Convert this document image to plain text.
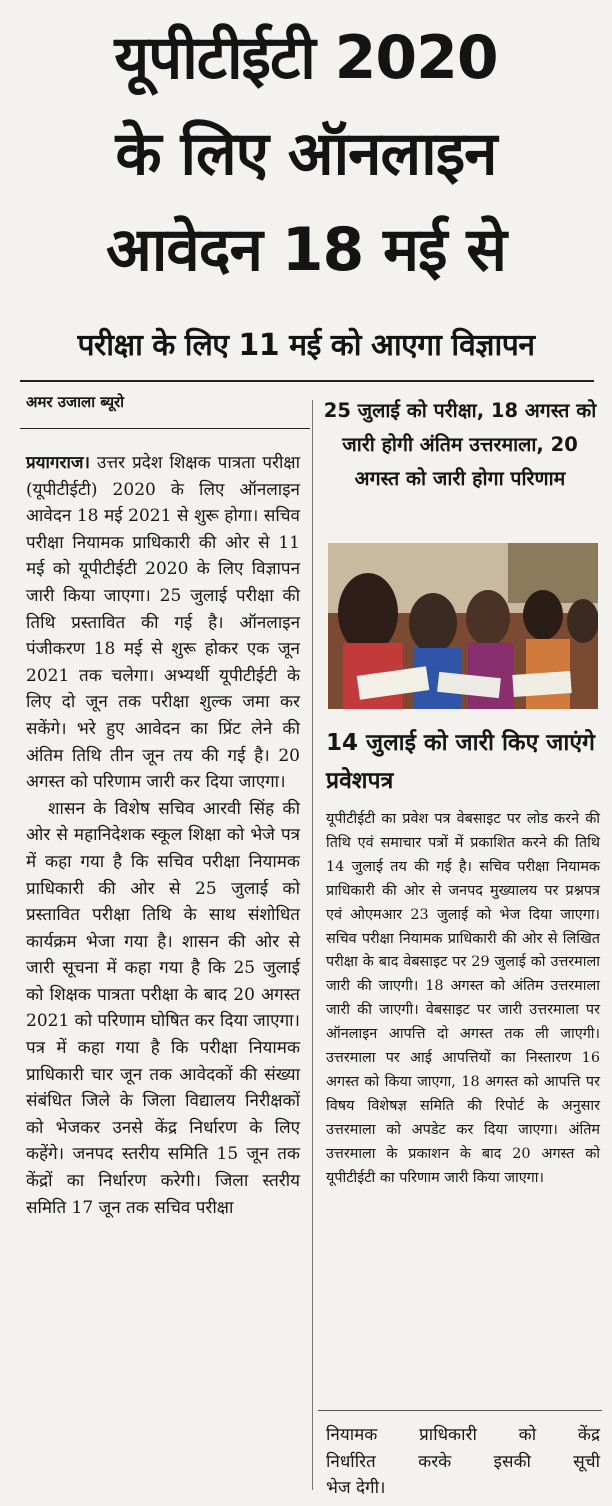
यूपीटीईटी 2020
के लिए ऑनलाइन
आवेदन 18 मई से
परीक्षा के लिए 11 मई को आएगा विज्ञापन
अमर उजाला ब्यूरो

प्रयागराज। उत्तर प्रदेश शिक्षक पात्रता परीक्षा (यूपीटीईटी) 2020 के लिए ऑनलाइन आवेदन 18 मई 2021 से शुरू होगा। सचिव परीक्षा नियामक प्राधिकारी की ओर से 11 मई को यूपीटीईटी 2020 के लिए विज्ञापन जारी किया जाएगा। 25 जुलाई परीक्षा की तिथि प्रस्तावित की गई है। ऑनलाइन पंजीकरण 18 मई से शुरू होकर एक जून 2021 तक चलेगा। अभ्यर्थी यूपीटीईटी के लिए दो जून तक परीक्षा शुल्क जमा कर सकेंगे। भरे हुए आवेदन का प्रिंट लेने की अंतिम तिथि तीन जून तय की गई है। 20 अगस्त को परिणाम जारी कर दिया जाएगा।

शासन के विशेष सचिव आरवी सिंह की ओर से महानिदेशक स्कूल शिक्षा को भेजे पत्र में कहा गया है कि सचिव परीक्षा नियामक प्राधिकारी की ओर से 25 जुलाई को प्रस्तावित परीक्षा तिथि के साथ संशोधित कार्यक्रम भेजा गया है। शासन की ओर से जारी सूचना में कहा गया है कि 25 जुलाई को शिक्षक पात्रता परीक्षा के बाद 20 अगस्त 2021 को परिणाम घोषित कर दिया जाएगा। पत्र में कहा गया है कि परीक्षा नियामक प्राधिकारी चार जून तक आवेदकों की संख्या संबंधित जिले के जिला विद्यालय निरीक्षकों को भेजकर उनसे केंद्र निर्धारण के लिए कहेंगे। जनपद स्तरीय समिति 15 जून तक केंद्रों का निर्धारण करेगी। जिला स्तरीय समिति 17 जून तक सचिव परीक्षा

25 जुलाई को परीक्षा, 18 अगस्त को जारी होगी अंतिम उत्तरमाला, 20 अगस्त को जारी होगा परिणाम
14 जुलाई को जारी किए जाएंगे प्रवेशपत्र

यूपीटीईटी का प्रवेश पत्र वेबसाइट पर लोड करने की तिथि एवं समाचार पत्रों में प्रकाशित करने की तिथि 14 जुलाई तय की गई है। सचिव परीक्षा नियामक प्राधिकारी की ओर से जनपद मुख्यालय पर प्रश्नपत्र एवं ओएमआर 23 जुलाई को भेज दिया जाएगा। सचिव परीक्षा नियामक प्राधिकारी की ओर से लिखित परीक्षा के बाद वेबसाइट पर 29 जुलाई को उत्तरमाला जारी की जाएगी। 18 अगस्त को अंतिम उत्तरमाला जारी की जाएगी। वेबसाइट पर जारी उत्तरमाला पर ऑनलाइन आपत्ति दो अगस्त तक ली जाएगी। उत्तरमाला पर आई आपत्तियों का निस्तारण 16 अगस्त को किया जाएगा, 18 अगस्त को आपत्ति पर विषय विशेषज्ञ समिति की रिपोर्ट के अनुसार उत्तरमाला को अपडेट कर दिया जाएगा। अंतिम उत्तरमाला के प्रकाशन के बाद 20 अगस्त को यूपीटीईटी का परिणाम जारी किया जाएगा।

नियामक प्राधिकारी को केंद्र
निर्धारित करके इसकी सूची
भेज देगी।
